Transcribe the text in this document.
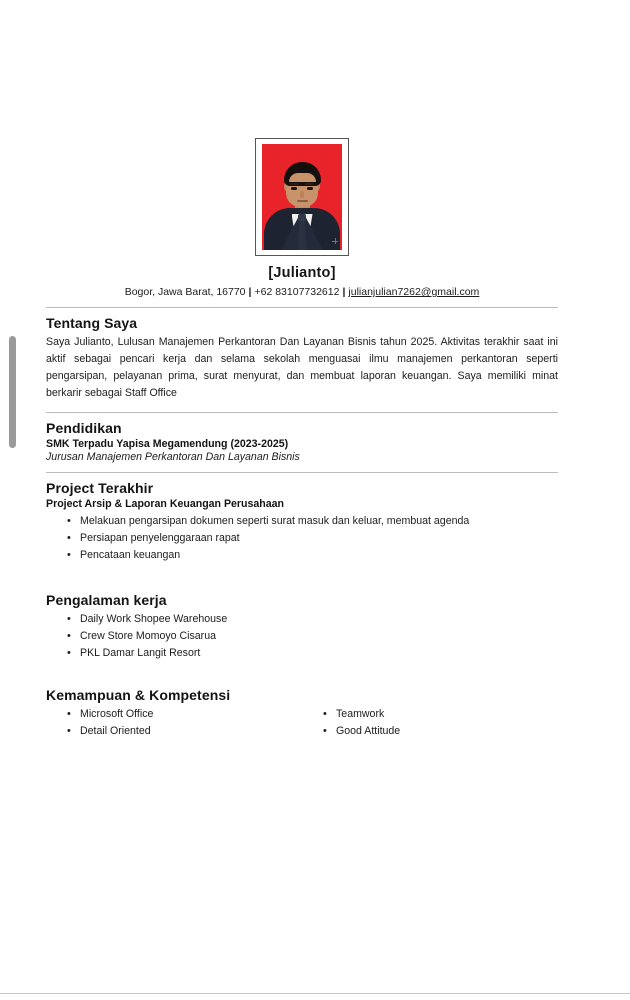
[Julianto]
Bogor, Jawa Barat, 16770 | +62 83107732612 | julianjulian7262@gmail.com
Tentang Saya
Saya Julianto, Lulusan Manajemen Perkantoran Dan Layanan Bisnis tahun 2025. Aktivitas terakhir saat ini aktif sebagai pencari kerja dan selama sekolah menguasai ilmu manajemen perkantoran seperti pengarsipan, pelayanan prima, surat menyurat, dan membuat laporan keuangan. Saya memiliki minat berkarir sebagai Staff Office
Pendidikan
SMK Terpadu Yapisa Megamendung (2023-2025)
Jurusan Manajemen Perkantoran Dan Layanan Bisnis
Project Terakhir
Project Arsip & Laporan Keuangan Perusahaan
• Melakuan pengarsipan dokumen seperti surat masuk dan keluar, membuat agenda
• Persiapan penyelenggaraan rapat
• Pencataan keuangan
Pengalaman kerja
• Daily Work Shopee Warehouse
• Crew Store Momoyo Cisarua
• PKL Damar Langit Resort
Kemampuan & Kompetensi
• Microsoft Office
• Detail Oriented
• Teamwork
• Good Attitude
